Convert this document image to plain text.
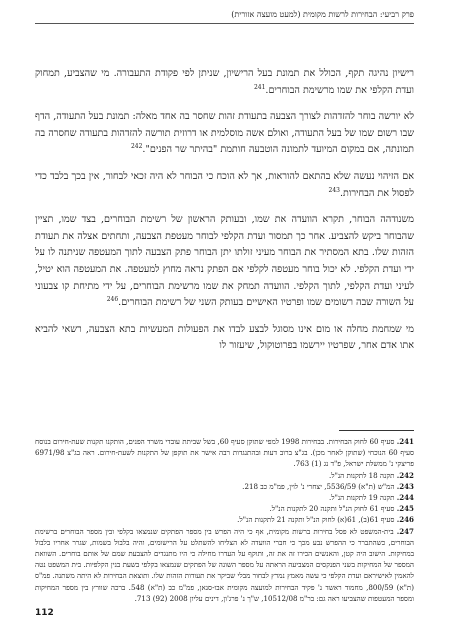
פרק רביעי: הבחירות לרשות מקומית (למעט מועצה אזורית)

רישיון נהיגה תקף, הכולל את תמונת בעל הרישיון, שניתן לפי פקודת התעבורה. מי שהצביע, תמחוק ועדת הקלפי את שמו מרשימת הבוחרים.$^{241}$

לא יורשה בוחר להזדהות לצורך הצבעה בתעודת זהות שחסר בה אחד מאלה: תמונת בעל התעודה, הדף שבו רשום שמו של בעל התעודה, ואולם אשה מוסלמית או דרוזית תורשה להזדהות בתעודה שחסרה בה תמונתה, אם במקום המיועד לתמונה הוטבעה חותמת "בהיתר שר הפנים".$^{242}$

אם הזיהוי נעשה שלא בהתאם להוראות, אך לא הוכח כי הבוחר לא היה זכאי לבחור, אין בכך בלבד כדי לפסול את הבחירות.$^{243}$

משנודהה הבוחר, תקרא הוועדה את שמו, ובעותק הראשון של רשימת הבוחרים, בצד שמו, תציין שהבוחר ביקש להצביע. אחר כך תמסור ועדת הקלפי לבוחר מעטפת הצבעה, ותחתים אצלה את תעודת הזהות שלו. בתא המסתיר את הבוחר מעיני זולתו יתן הבוחר פתק הצבעה לתוך המעטפה שניתנה לו על ידי ועדת הקלפי. לא יכול בוחר מעטפה לקלפי אם הפתק נראה מחוץ למעטפה. את המעטפה הוא יטיל, לעיני ועדת הקלפי, לתוך הקלפי. הוועדה תמחק את שמו מרשימת הבוחרים, על ידי מתיחת קו צבעוני על השורה שבה רשומים שמו ופרטיו האישיים בעותק השני של רשימת הבוחרים.$^{246}$

מי שמחמת מחלה או מום אינו מסוגל לבצע לבדו את הפעולות המעשיות בתא הצבעה, רשאי להביא אתו אדם אחר, שפרטיו יירשמו בפרוטוקול, שיעזור לו

241. סעיף 60 לחוק הבחירות. בבחירות 1998 למפי שתוקן סעיף 60, בשל שביתת עובדי משרד הפנים, הותקנו תקנות שעת-חירום בנוסח סעיף 60 הנוכחי (שתוקן לאחר מכן). בג"צ ברוב דעות ובהתנגדות רבה אישר את תוקפן של התקנות לשעת-חירום. ראה בג"צ 6971/98 פריצקי נ' ממשלת ישראל, פ"ד נג (1) 763.

242. תקנה 18 לתקנות הנ"ל.

243. המ"ש (ת"א) 5536/59, יצחרי נ' לוין, פמ"מ כב 218.

244. תקנה 19 לתקנות הנ"ל.

245. סעיף 61 לחוק הנ"ל ותקנה 20 לתקנות הנ"ל.

246. סעיף 61(ב), 61(א) לחוק הנ"ל ותקנה 21 לתקנות הנ"ל.

247. בית-המשפט לא פסל בחירות ברשות מקומית, אף כי היה הפרש בין מספר הפתקים שנמצאו בקלפי ובין מספר הבוחרים ברשימת הבוחרים, כשהתברר כי ההפרש נבע מכך כי חברי הוועדה לא הצליחו להשתלט על הרישומים, והיה בלבול בשמות, שגרר אחריו בלבול במחיקות. הישוב היה קטן, והאנשים הכירו זה את זה, ותוקף על העדרו מחילה כי היו מתנגדים להצבעת שמם של אותם בוחרים. השוואת המספר של המחיקות בשני הפנקסים המצביעה הראתה על מספר השונה של הפתקים שנמצאו בקלפי בשעת בנין הקלפיות. בית המשפט נטה להאמין לאישיראם ועדת הקלפי כי עשה מאמץ נמרץ לבחור מבלי שביקר את תעודות הזהות שלו. ותוצאת הבחירות לא היתה משתנה. פמ"ס (ת"א) 800/59, מחמוד ראשד נ' פקיד הבחירות למועצה מקומית אבו-סנאן, פמ"מ כב (ת"א) 548. ברכה שוורץ בין מספר המחיקות ומספר המעטפות שהצביעו ראה גם: בר"מ 10512/08, ש"ך נ' פרג'ון, דינים עליון 2008 (92) 713.

112
